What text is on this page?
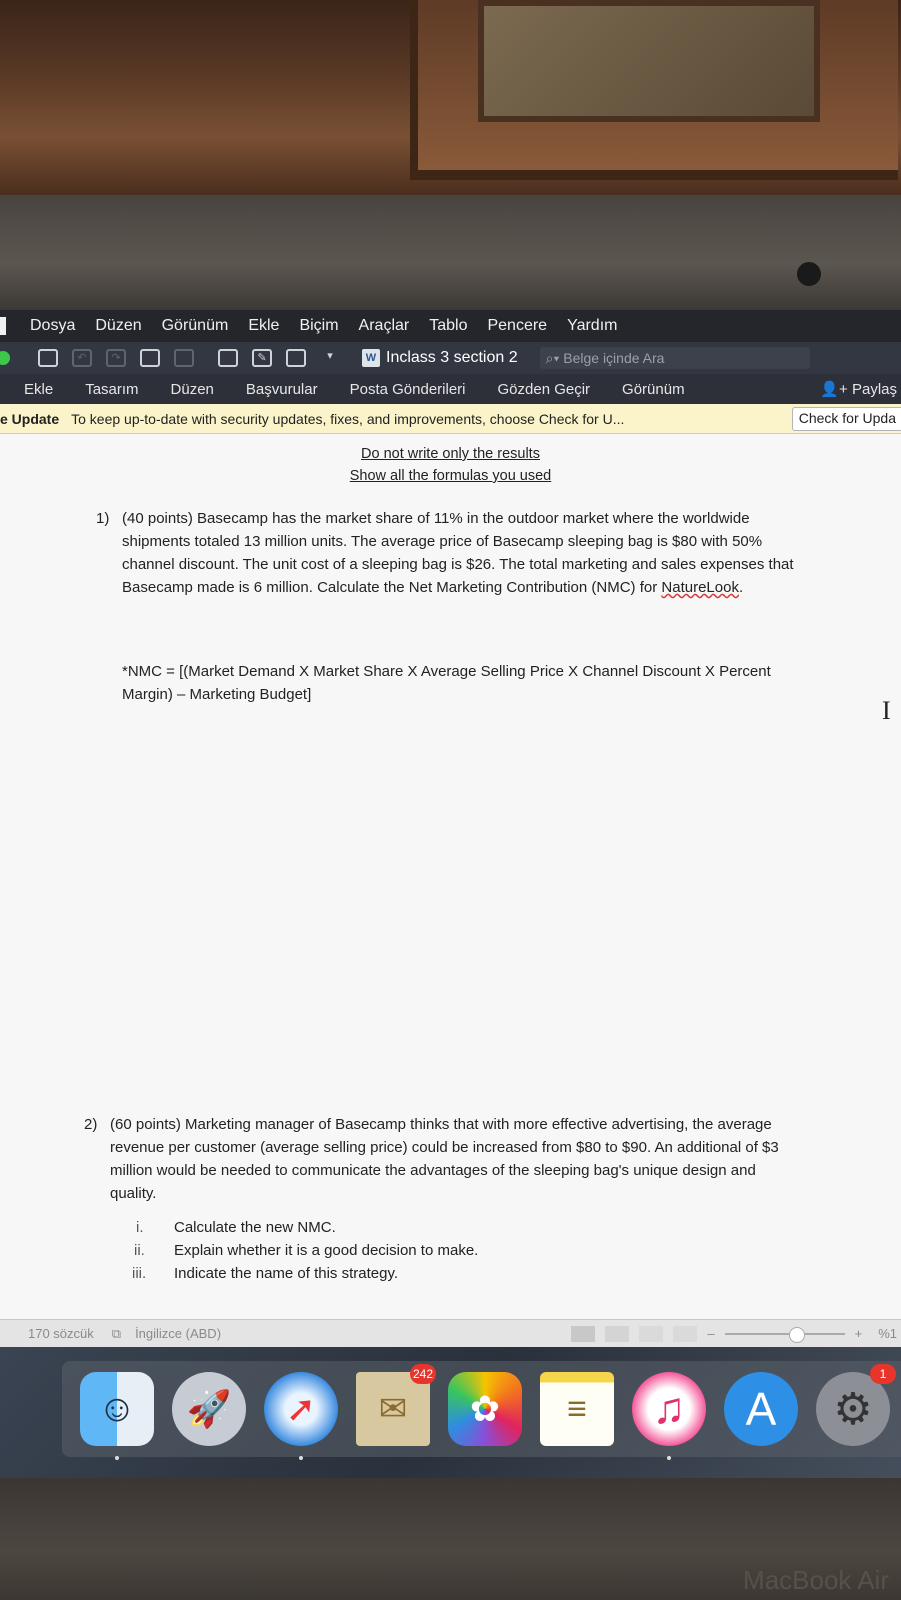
Dosya	Düzen	Görünüm	Ekle	Biçim	Araçlar	Tablo	Pencere	Yardım
↶	↷	✎	▾	W Inclass 3 section 2 ⌕▾ Belge içinde Ara
Ekle	Tasarım	Düzen	Başvurular	Posta Gönderileri	Gözden Geçir	Görünüm	👤+ Paylaş
e Update To keep up-to-date with security updates, fixes, and improvements, choose Check for U...	Check for Upda
Do not write only the results
Show all the formulas you used
1) (40 points) Basecamp has the market share of 11% in the outdoor market where the worldwide shipments totaled 13 million units. The average price of Basecamp sleeping bag is $80 with 50% channel discount. The unit cost of a sleeping bag is $26. The total marketing and sales expenses that Basecamp made is 6 million. Calculate the Net Marketing Contribution (NMC) for NatureLook.
*NMC = [(Market Demand X Market Share X Average Selling Price X Channel Discount X Percent Margin) – Marketing Budget]
2) (60 points) Marketing manager of Basecamp thinks that with more effective advertising, the average revenue per customer (average selling price) could be increased from $80 to $90. An additional of $3 million would be needed to communicate the advantages of the sleeping bag's unique design and quality.
i.	Calculate the new NMC.
ii.	Explain whether it is a good decision to make.
iii.	Indicate the name of this strategy.
I
170 sözcük ⧉ İngilizce (ABD)	–	+ %1
☺	🚀	➚	✉
242
✿	≡	♫	A	⚙
1
MacBook Air
